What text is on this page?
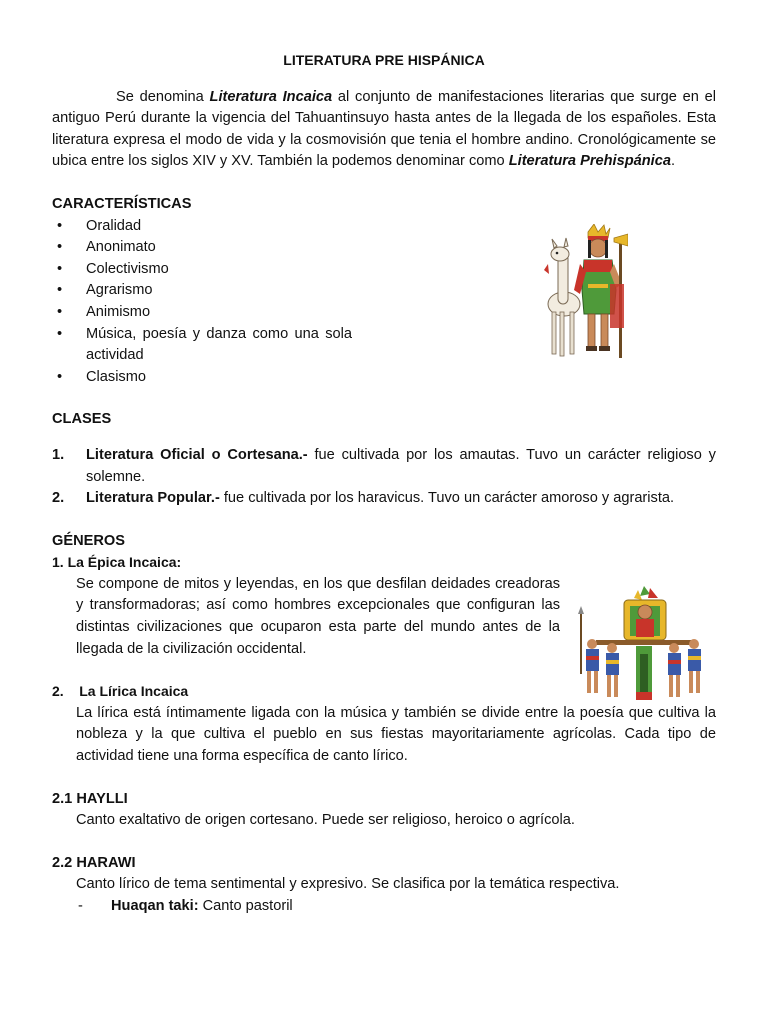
LITERATURA PRE HISPÁNICA

Se denomina Literatura Incaica al conjunto de manifestaciones literarias que surge en el antiguo Perú durante la vigencia del Tahuantinsuyo hasta antes de la llegada de los españoles. Esta literatura expresa el modo de vida y la cosmovisión que tenia el hombre andino. Cronológicamente se ubica entre los siglos XIV y XV. También la podemos denominar como Literatura Prehispánica.

CARACTERÍSTICAS
• Oralidad
• Anonimato
• Colectivismo
• Agrarismo
• Animismo
• Música, poesía y danza como una sola actividad
• Clasismo
CLASES
1. Literatura Oficial o Cortesana.- fue cultivada por los amautas. Tuvo un carácter religioso y solemne.
2. Literatura Popular.- fue cultivada por los haravicus. Tuvo un carácter amoroso y agrarista.
GÉNEROS
1. La Épica Incaica:
Se compone de mitos y leyendas, en los que desfilan deidades creadoras y transformadoras; así como hombres excepcionales que configuran las distintas civilizaciones que ocuparon esta parte del mundo antes de la llegada de la civilización occidental.
2. La Lírica Incaica
La lírica está íntimamente ligada con la música y también se divide entre la poesía que cultiva la nobleza y la que cultiva el pueblo en sus fiestas mayoritariamente agrícolas. Cada tipo de actividad tiene una forma específica de canto lírico.
2.1 HAYLLI
Canto exaltativo de origen cortesano. Puede ser religioso, heroico o agrícola.
2.2 HARAWI
Canto lírico de tema sentimental y expresivo. Se clasifica por la temática respectiva.
- Huaqan taki: Canto pastoril
